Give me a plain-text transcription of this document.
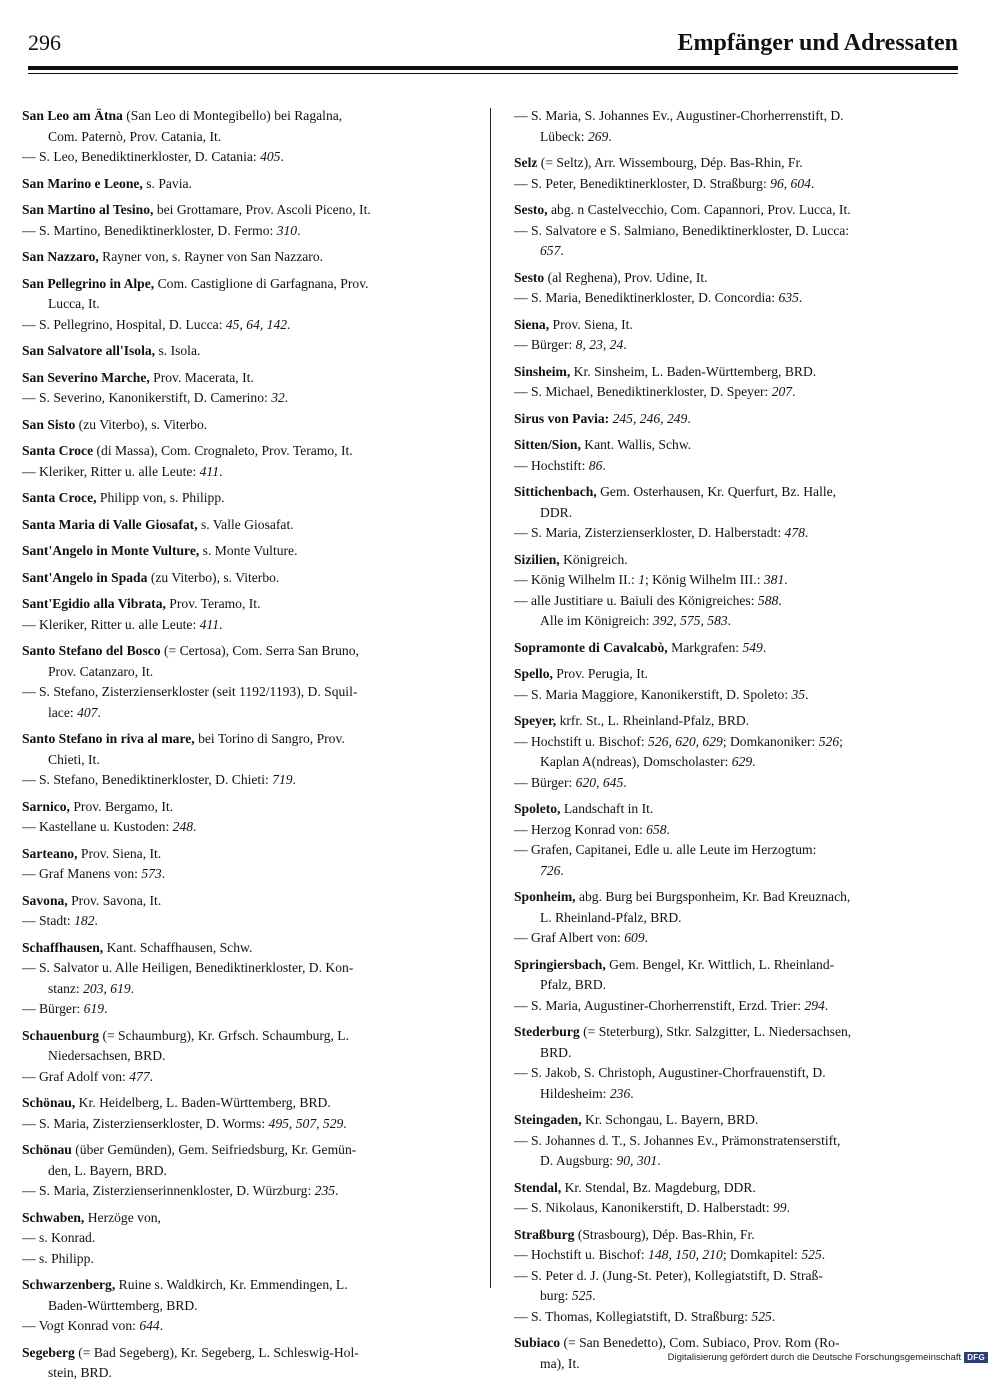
296	Empfänger und Adressaten
San Leo am Ätna (San Leo di Montegibello) bei Ragalna,
Com. Paternò, Prov. Catania, It.
— S. Leo, Benediktinerkloster, D. Catania: 405.
San Marino e Leone, s. Pavia.
San Martino al Tesino, bei Grottamare, Prov. Ascoli Piceno, It.
— S. Martino, Benediktinerkloster, D. Fermo: 310.
San Nazzaro, Rayner von, s. Rayner von San Nazzaro.
San Pellegrino in Alpe, Com. Castiglione di Garfagnana, Prov.
Lucca, It.
— S. Pellegrino, Hospital, D. Lucca: 45, 64, 142.
San Salvatore all'Isola, s. Isola.
San Severino Marche, Prov. Macerata, It.
— S. Severino, Kanonikerstift, D. Camerino: 32.
San Sisto (zu Viterbo), s. Viterbo.
Santa Croce (di Massa), Com. Crognaleto, Prov. Teramo, It.
— Kleriker, Ritter u. alle Leute: 411.
Santa Croce, Philipp von, s. Philipp.
Santa Maria di Valle Giosafat, s. Valle Giosafat.
Sant'Angelo in Monte Vulture, s. Monte Vulture.
Sant'Angelo in Spada (zu Viterbo), s. Viterbo.
Sant'Egidio alla Vibrata, Prov. Teramo, It.
— Kleriker, Ritter u. alle Leute: 411.
Santo Stefano del Bosco (= Certosa), Com. Serra San Bruno,
Prov. Catanzaro, It.
— S. Stefano, Zisterzienserkloster (seit 1192/1193), D. Squil-
lace: 407.
Santo Stefano in riva al mare, bei Torino di Sangro, Prov.
Chieti, It.
— S. Stefano, Benediktinerkloster, D. Chieti: 719.
Sarnico, Prov. Bergamo, It.
— Kastellane u. Kustoden: 248.
Sarteano, Prov. Siena, It.
— Graf Manens von: 573.
Savona, Prov. Savona, It.
— Stadt: 182.
Schaffhausen, Kant. Schaffhausen, Schw.
— S. Salvator u. Alle Heiligen, Benediktinerkloster, D. Kon-
stanz: 203, 619.
— Bürger: 619.
Schauenburg (= Schaumburg), Kr. Grfsch. Schaumburg, L.
Niedersachsen, BRD.
— Graf Adolf von: 477.
Schönau, Kr. Heidelberg, L. Baden-Württemberg, BRD.
— S. Maria, Zisterzienserkloster, D. Worms: 495, 507, 529.
Schönau (über Gemünden), Gem. Seifriedsburg, Kr. Gemün-
den, L. Bayern, BRD.
— S. Maria, Zisterzienserinnenkloster, D. Würzburg: 235.
Schwaben, Herzöge von,
— s. Konrad.
— s. Philipp.
Schwarzenberg, Ruine s. Waldkirch, Kr. Emmendingen, L.
Baden-Württemberg, BRD.
— Vogt Konrad von: 644.
Segeberg (= Bad Segeberg), Kr. Segeberg, L. Schleswig-Hol-
stein, BRD.
— S. Maria, S. Johannes Ev., Augustiner-Chorherrenstift, D.
Lübeck: 269.
Selz (= Seltz), Arr. Wissembourg, Dép. Bas-Rhin, Fr.
— S. Peter, Benediktinerkloster, D. Straßburg: 96, 604.
Sesto, abg. n Castelvecchio, Com. Capannori, Prov. Lucca, It.
— S. Salvatore e S. Salmiano, Benediktinerkloster, D. Lucca:
657.
Sesto (al Reghena), Prov. Udine, It.
— S. Maria, Benediktinerkloster, D. Concordia: 635.
Siena, Prov. Siena, It.
— Bürger: 8, 23, 24.
Sinsheim, Kr. Sinsheim, L. Baden-Württemberg, BRD.
— S. Michael, Benediktinerkloster, D. Speyer: 207.
Sirus von Pavia: 245, 246, 249.
Sitten/Sion, Kant. Wallis, Schw.
— Hochstift: 86.
Sittichenbach, Gem. Osterhausen, Kr. Querfurt, Bz. Halle,
DDR.
— S. Maria, Zisterzienserkloster, D. Halberstadt: 478.
Sizilien, Königreich.
— König Wilhelm II.: 1; König Wilhelm III.: 381.
— alle Justitiare u. Baiuli des Königreiches: 588.
Alle im Königreich: 392, 575, 583.
Sopramonte di Cavalcabò, Markgrafen: 549.
Spello, Prov. Perugia, It.
— S. Maria Maggiore, Kanonikerstift, D. Spoleto: 35.
Speyer, krfr. St., L. Rheinland-Pfalz, BRD.
— Hochstift u. Bischof: 526, 620, 629; Domkanoniker: 526;
Kaplan A(ndreas), Domscholaster: 629.
— Bürger: 620, 645.
Spoleto, Landschaft in It.
— Herzog Konrad von: 658.
— Grafen, Capitanei, Edle u. alle Leute im Herzogtum:
726.
Sponheim, abg. Burg bei Burgsponheim, Kr. Bad Kreuznach,
L. Rheinland-Pfalz, BRD.
— Graf Albert von: 609.
Springiersbach, Gem. Bengel, Kr. Wittlich, L. Rheinland-
Pfalz, BRD.
— S. Maria, Augustiner-Chorherrenstift, Erzd. Trier: 294.
Stederburg (= Steterburg), Stkr. Salzgitter, L. Niedersachsen,
BRD.
— S. Jakob, S. Christoph, Augustiner-Chorfrauenstift, D.
Hildesheim: 236.
Steingaden, Kr. Schongau, L. Bayern, BRD.
— S. Johannes d. T., S. Johannes Ev., Prämonstratenserstift,
D. Augsburg: 90, 301.
Stendal, Kr. Stendal, Bz. Magdeburg, DDR.
— S. Nikolaus, Kanonikerstift, D. Halberstadt: 99.
Straßburg (Strasbourg), Dép. Bas-Rhin, Fr.
— Hochstift u. Bischof: 148, 150, 210; Domkapitel: 525.
— S. Peter d. J. (Jung-St. Peter), Kollegiatstift, D. Straß-
burg: 525.
— S. Thomas, Kollegiatstift, D. Straßburg: 525.
Subiaco (= San Benedetto), Com. Subiaco, Prov. Rom (Ro-
ma), It.	Digitalisierung gefördert durch die Deutsche Forschungsgemeinschaft DFG
